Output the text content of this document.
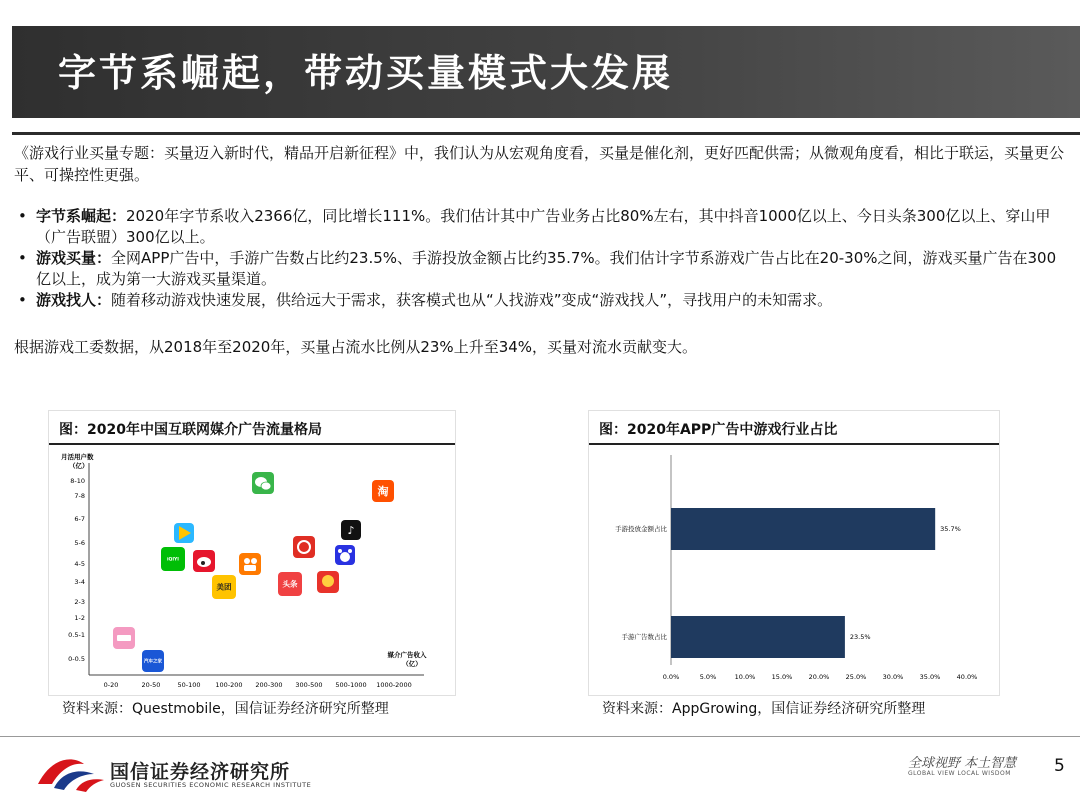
字节系崛起，带动买量模式大发展

《游戏行业买量专题：买量迈入新时代，精品开启新征程》中，我们认为从宏观角度看，买量是催化剂，更好匹配供需；从微观角度看，相比于联运，买量更公平、可操控性更强。

• 字节系崛起：2020年字节系收入2366亿，同比增长111%。我们估计其中广告业务占比80%左右，其中抖音1000亿以上、今日头条300亿以上、穿山甲（广告联盟）300亿以上。
• 游戏买量：全网APP广告中，手游广告数占比约23.5%、手游投放金额占比约35.7%。我们估计字节系游戏广告占比在20-30%之间，游戏买量广告在300亿以上，成为第一大游戏买量渠道。
• 游戏找人：随着移动游戏快速发展，供给远大于需求，获客模式也从“人找游戏”变成“游戏找人”，寻找用户的未知需求。

根据游戏工委数据，从2018年至2020年，买量占流水比例从23%上升至34%，买量对流水贡献变大。

图：2020年中国互联网媒介广告流量格局
月活用户数
（亿）
媒介广告收入
（亿）
8-10
7-8
6-7
5-6
4-5
3-4
2-3
1-2
0.5-1
0-0.5
0-20	20-50	50-100 100-200 200-300 300-500 500-1000 1000-2000
淘
♪
iQIYI
美团	头条
汽车之家
资料来源：Questmobile，国信证券经济研究所整理
图：2020年APP广告中游戏行业占比
手游投放金额占比	35.7%
手游广告数占比	23.5%
0.0%	5.0%	10.0%	15.0%	20.0%	25.0%	30.0%	35.0%	40.0%
资料来源：AppGrowing，国信证券经济研究所整理
国信证券经济研究所
GUOSEN SECURITIES ECONOMIC RESEARCH INSTITUTE
全球视野 本土智慧
GLOBAL VIEW LOCAL WISDOM	5
